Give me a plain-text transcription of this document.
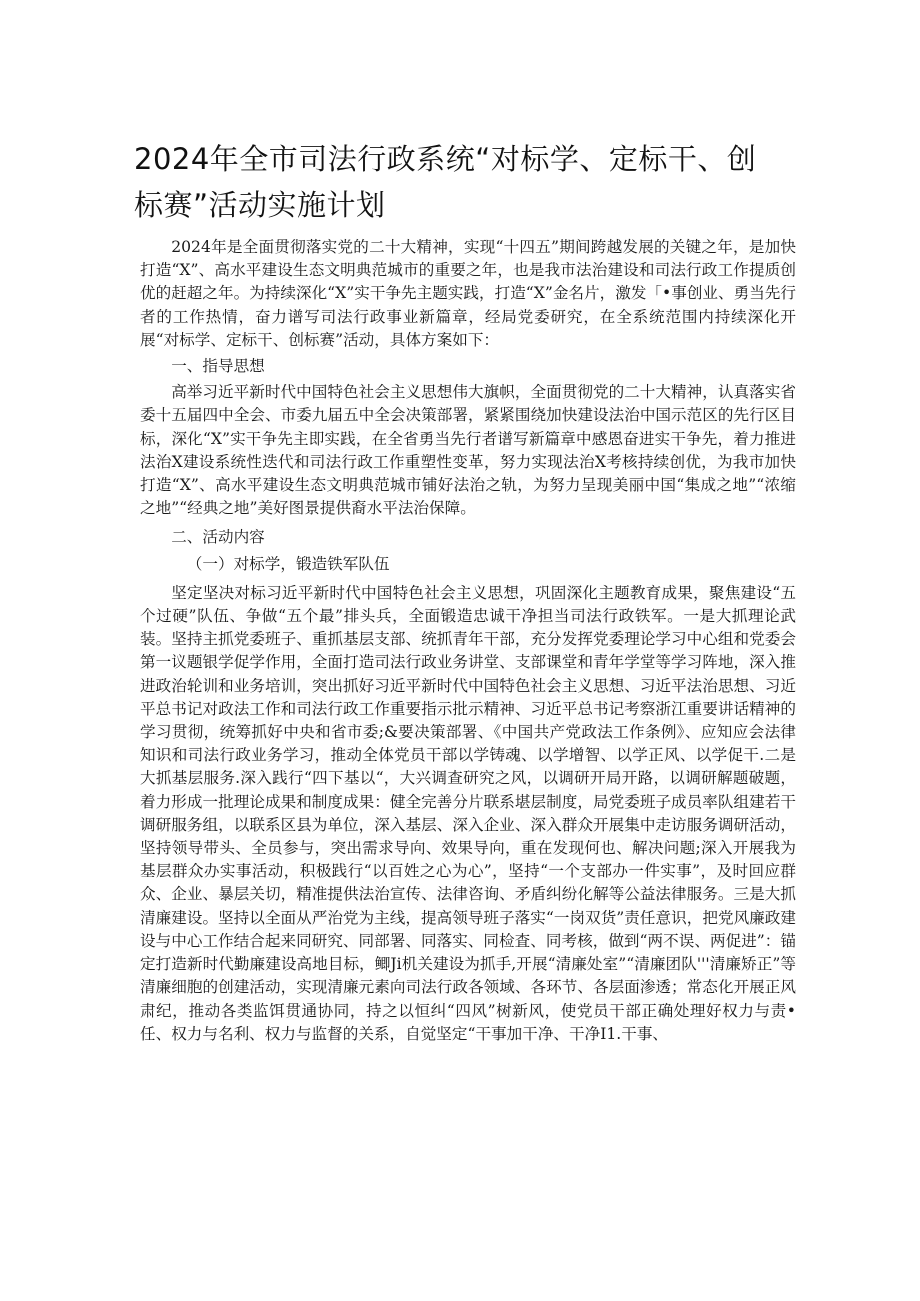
2024年全市司法行政系统“对标学、定标干、创标赛”活动实施计划

2024年是全面贯彻落实党的二十大精神，实现“十四五”期间跨越发展的关键之年，是加快打造“X”、高水平建设生态文明典范城市的重要之年，也是我市法治建设和司法行政工作提质创优的赶超之年。为持续深化“X”实干争先主题实践，打造“X”金名片，激发「•事创业、勇当先行者的工作热情，奋力谱写司法行政事业新篇章，经局党委研究，在全系统范围内持续深化开展“对标学、定标干、创标赛”活动，具体方案如下：

一、指导思想

高举习近平新时代中国特色社会主义思想伟大旗帜，全面贯彻党的二十大精神，认真落实省委十五届四中全会、市委九届五中全会决策部署，紧紧围绕加快建设法治中国示范区的先行区目标，深化“X”实干争先主即实践，在全省勇当先行者谱写新篇章中感恩奋进实干争先，着力推进法治X建设系统性迭代和司法行政工作重塑性变革，努力实现法治X考核持续创优，为我市加快打造“X”、高水平建设生态文明典范城市铺好法治之轨，为努力呈现美丽中国“集成之地”“浓缩之地”“经典之地”美好图景提供裔水平法治保障。

二、活动内容

（一）对标学，锻造铁军队伍

坚定坚决对标习近平新时代中国特色社会主义思想，巩固深化主题教育成果，聚焦建设“五个过硬”队伍、争做“五个最”排头兵，全面锻造忠诚干净担当司法行政铁军。一是大抓理论武装。坚持主抓党委班子、重抓基层支部、统抓青年干部，充分发挥党委理论学习中心组和党委会第一议题银学促学作用，全面打造司法行政业务讲堂、支部课堂和青年学堂等学习阵地，深入推进政治轮训和业务培训，突出抓好习近平新时代中国特色社会主义思想、习近平法治思想、习近平总书记对政法工作和司法行政工作重要指示批示精神、习近平总书记考察浙江重要讲话精神的学习贯彻，统筹抓好中央和省市委;&要决策部署、《中国共产党政法工作条例》、应知应会法律知识和司法行政业务学习，推动全体党员干部以学铸魂、以学增智、以学正风、以学促干.二是大抓基层服务.深入践行“四下基以“，大兴调查研究之风，以调研开局开路，以调研解题破题，着力形成一批理论成果和制度成果：健全完善分片联系堪层制度，局党委班子成员率队组建若干调研服务组，以联系区县为单位，深入基层、深入企业、深入群众开展集中走访服务调研活动，坚持领导带头、全员参与，突出需求导向、效果导向，重在发现何也、解决问题;深入开展我为基层群众办实事活动，积极践行“以百姓之心为心”，坚持“一个支部办一件实事”，及时回应群众、企业、暴层关切，精准提供法治宣传、法律咨询、矛盾纠纷化解等公益法律服务。三是大抓清廉建设。坚持以全面从严治党为主线，提高领导班子落实“一岗双货”责任意识，把党风廉政建设与中心工作结合起来同研究、同部署、同落实、同检査、同考核，做到“两不误、两促进”：锚定打造新时代勤廉建设高地目标，鲫Ji机关建设为抓手,开展“清廉处室”“清廉团队'''清廉矫正”等清廉细胞的创建活动，实现清廉元素向司法行政各领域、各环节、各层面渗透；常态化开展正风肃纪，推动各类监饵贯通协同，持之以恒纠“四风”树新风，使党员干部正确处理好权力与责•任、权力与名利、权力与监督的关系，自觉坚定“干事加干净、干净I1.干事、
